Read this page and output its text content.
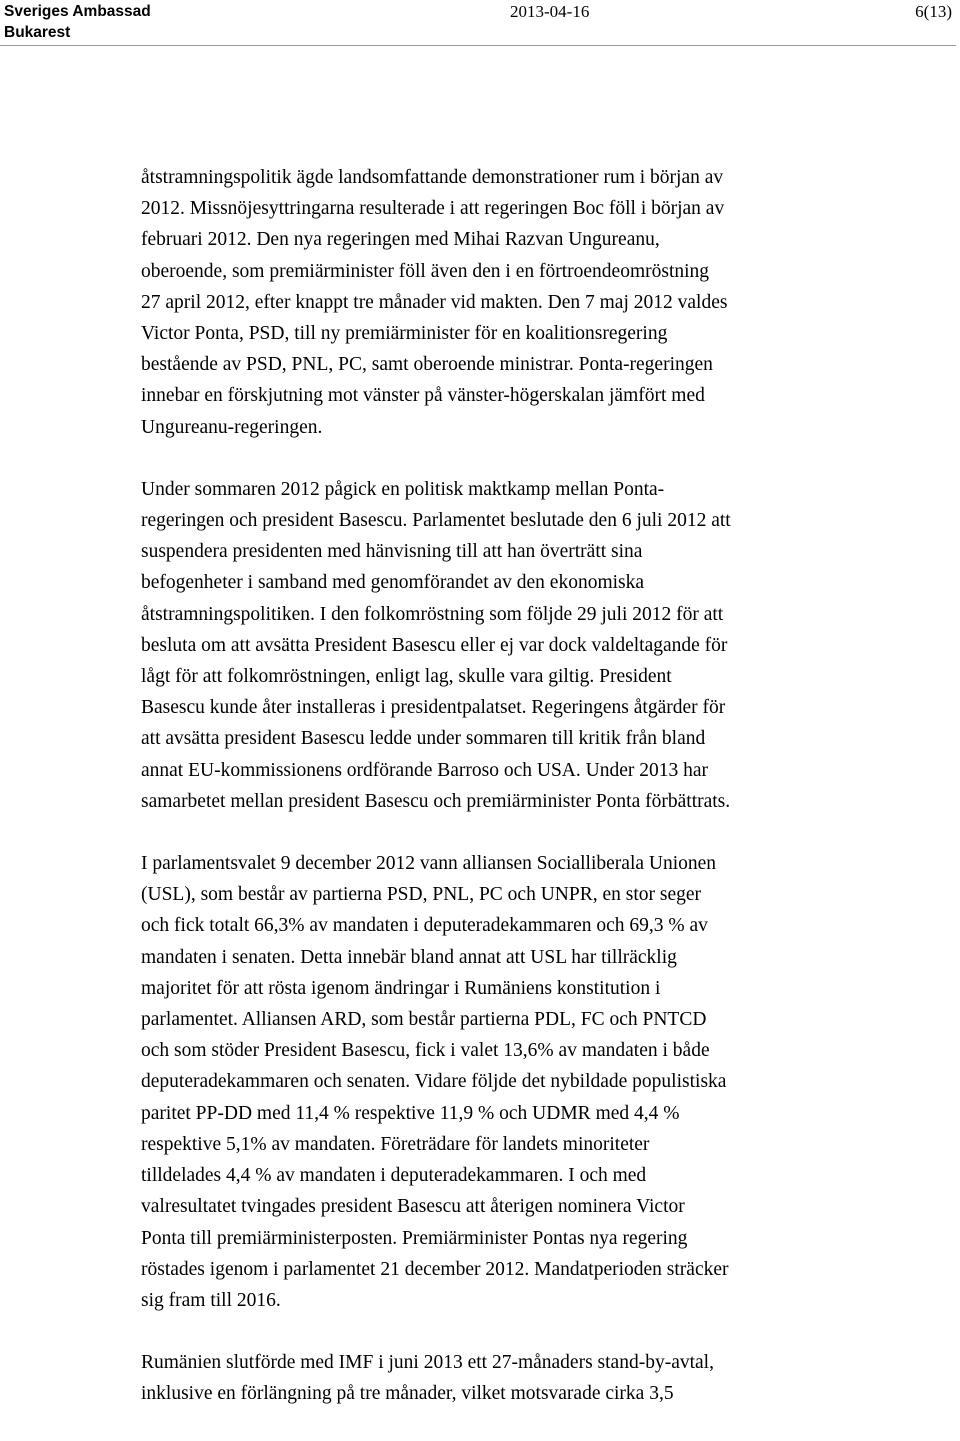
Sveriges Ambassad
Bukarest
2013-04-16	6(13)

åtstramningspolitik ägde landsomfattande demonstrationer rum i början av
2012. Missnöjesyttringarna resulterade i att regeringen Boc föll i början av
februari 2012. Den nya regeringen med Mihai Razvan Ungureanu,
oberoende, som premiärminister föll även den i en förtroendeomröstning
27 april 2012, efter knappt tre månader vid makten. Den 7 maj 2012 valdes
Victor Ponta, PSD, till ny premiärminister för en koalitionsregering
bestående av PSD, PNL, PC, samt oberoende ministrar. Ponta-regeringen
innebar en förskjutning mot vänster på vänster-högerskalan jämfört med
Ungureanu-regeringen.

Under sommaren 2012 pågick en politisk maktkamp mellan Ponta-
regeringen och president Basescu. Parlamentet beslutade den 6 juli 2012 att
suspendera presidenten med hänvisning till att han överträtt sina
befogenheter i samband med genomförandet av den ekonomiska
åtstramningspolitiken. I den folkomröstning som följde 29 juli 2012 för att
besluta om att avsätta President Basescu eller ej var dock valdeltagande för
lågt för att folkomröstningen, enligt lag, skulle vara giltig. President
Basescu kunde åter installeras i presidentpalatset. Regeringens åtgärder för
att avsätta president Basescu ledde under sommaren till kritik från bland
annat EU-kommissionens ordförande Barroso och USA. Under 2013 har
samarbetet mellan president Basescu och premiärminister Ponta förbättrats.

I parlamentsvalet 9 december 2012 vann alliansen Socialliberala Unionen
(USL), som består av partierna PSD, PNL, PC och UNPR, en stor seger
och fick totalt 66,3% av mandaten i deputeradekammaren och 69,3 % av
mandaten i senaten. Detta innebär bland annat att USL har tillräcklig
majoritet för att rösta igenom ändringar i Rumäniens konstitution i
parlamentet. Alliansen ARD, som består partierna PDL, FC och PNTCD
och som stöder President Basescu, fick i valet 13,6% av mandaten i både
deputeradekammaren och senaten. Vidare följde det nybildade populistiska
paritet PP-DD med 11,4 % respektive 11,9 % och UDMR med 4,4 %
respektive 5,1% av mandaten. Företrädare för landets minoriteter
tilldelades 4,4 % av mandaten i deputeradekammaren. I och med
valresultatet tvingades president Basescu att återigen nominera Victor
Ponta till premiärministerposten. Premiärminister Pontas nya regering
röstades igenom i parlamentet 21 december 2012. Mandatperioden sträcker
sig fram till 2016.

Rumänien slutförde med IMF i juni 2013 ett 27-månaders stand-by-avtal,
inklusive en förlängning på tre månader, vilket motsvarade cirka 3,5
